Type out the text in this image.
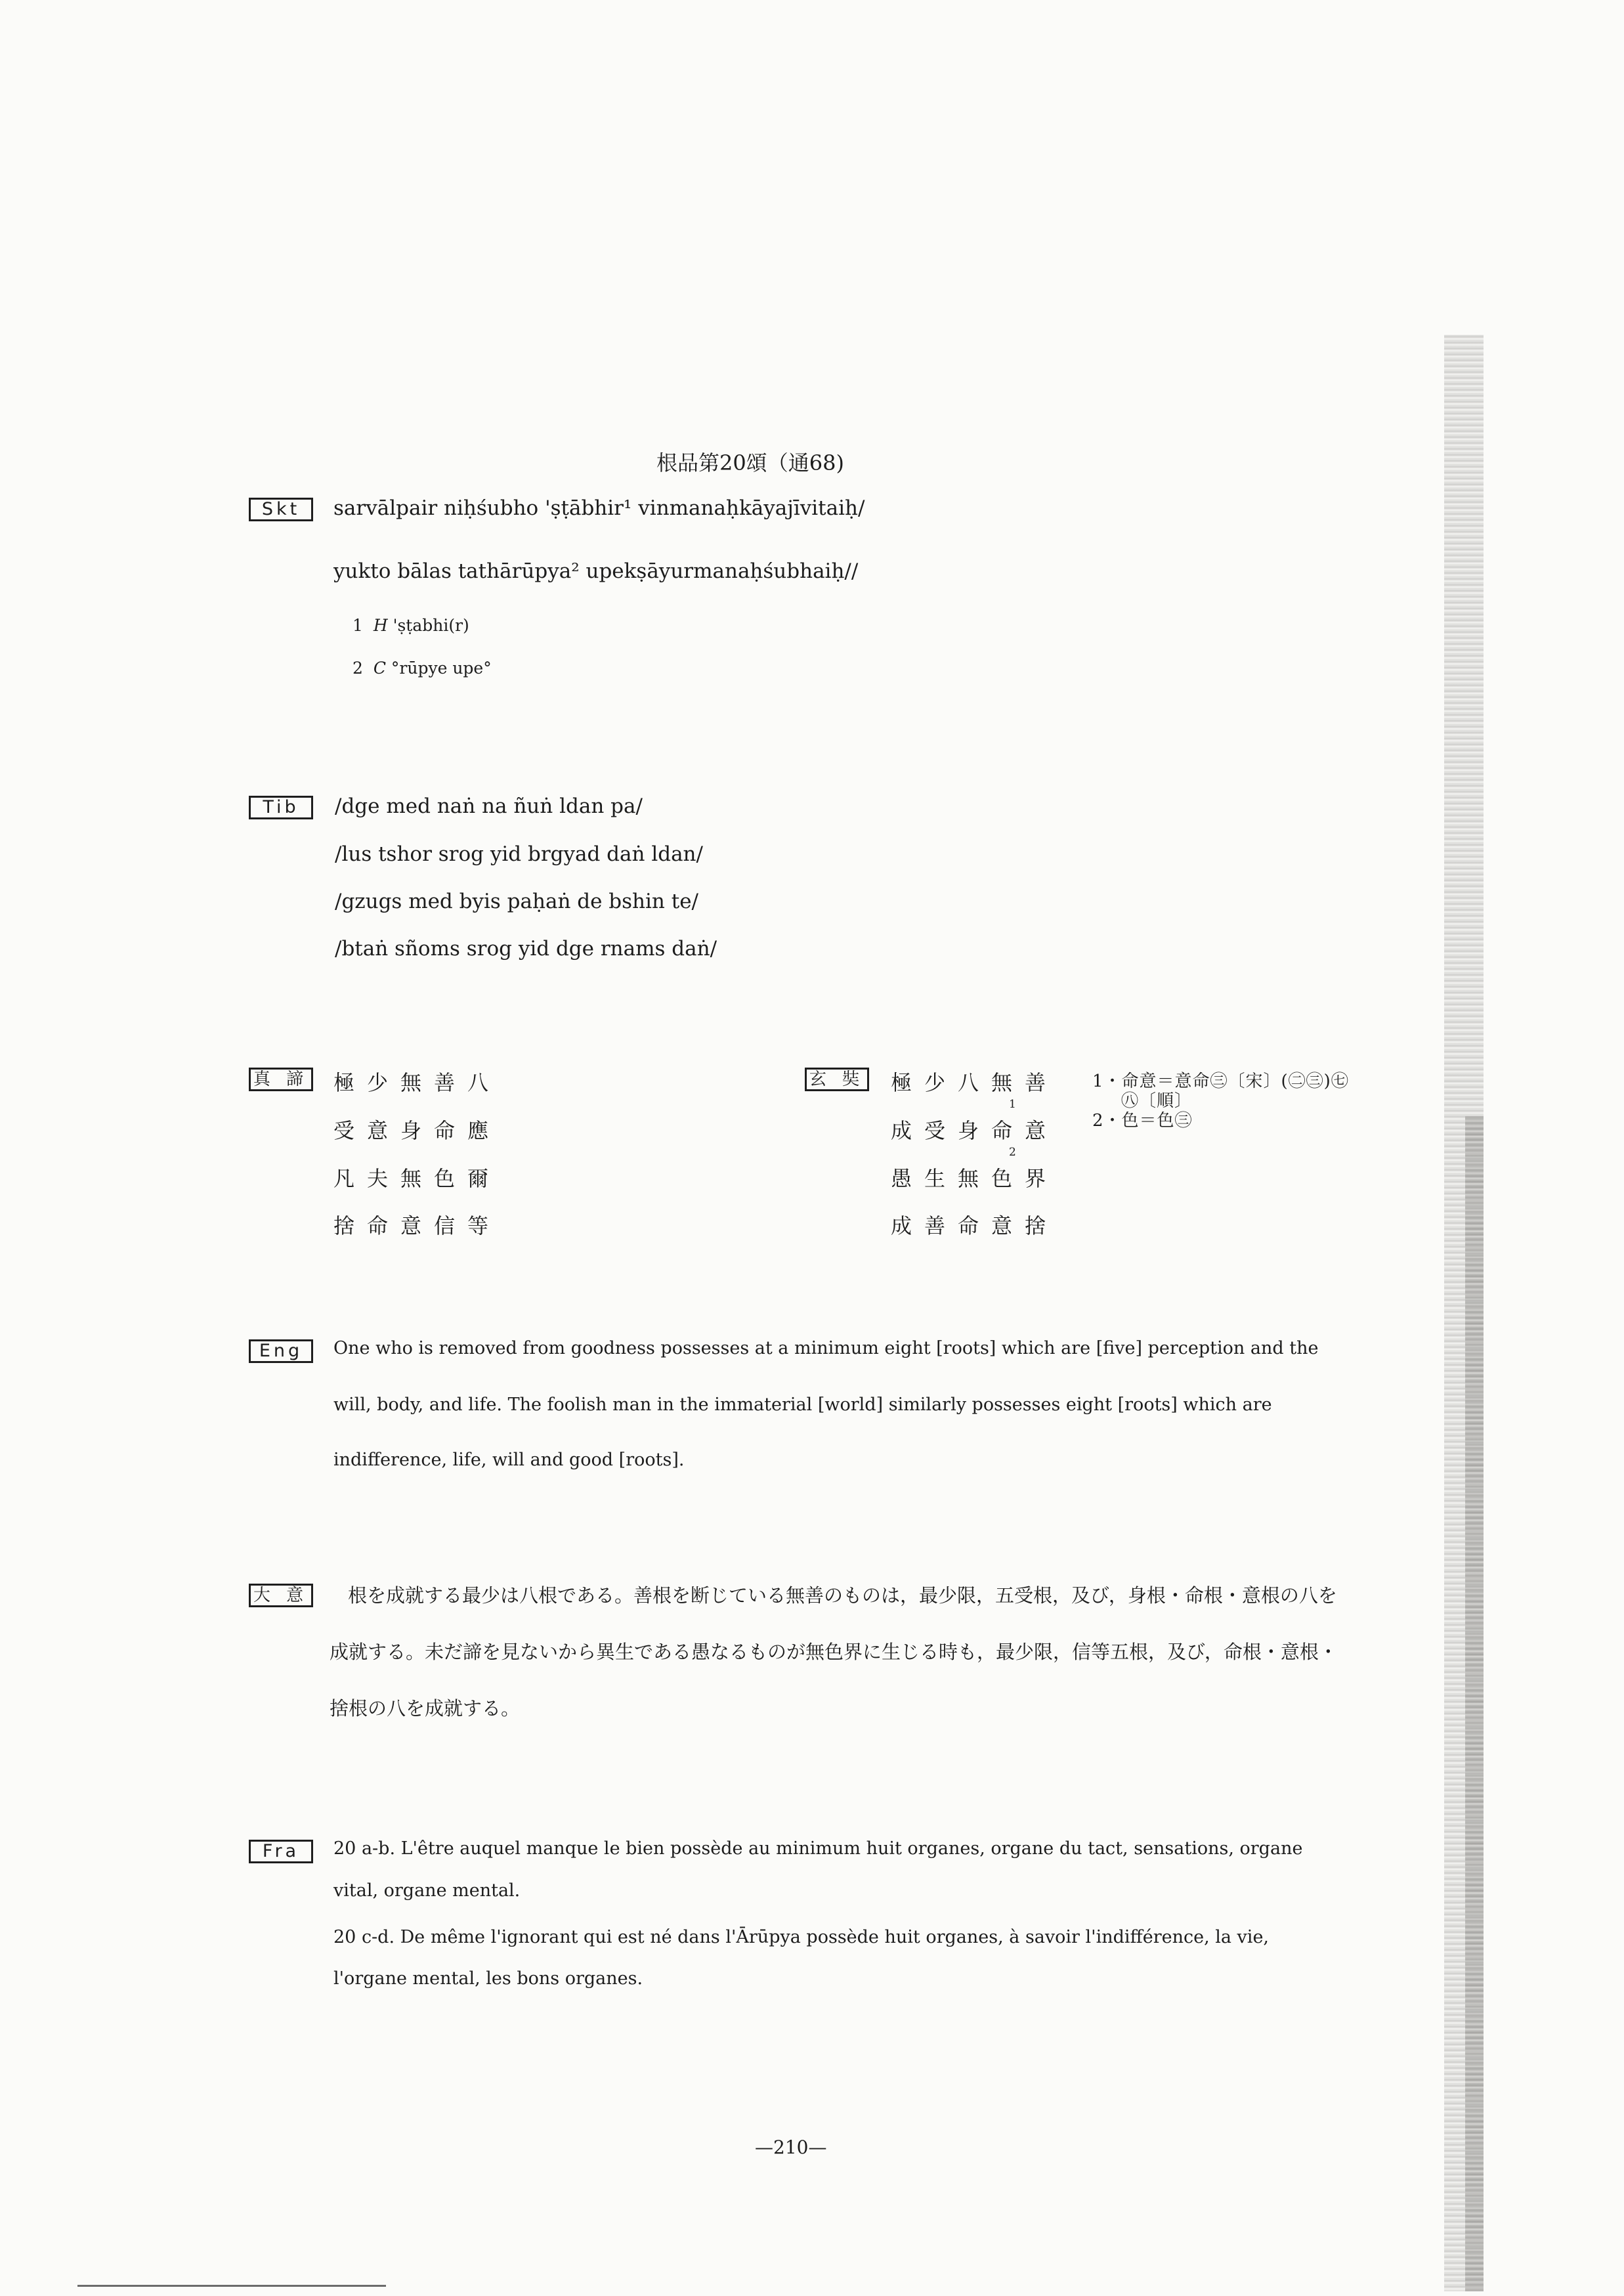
根品第20頌（通68)
Skt	sarvālpair niḥśubho 'ṣṭābhir¹ vinmanaḥkāyajīvitaiḥ/
yukto bālas tathārūpya² upekṣāyurmanaḥśubhaiḥ//
1 H 'ṣṭabhi(r)
2 C °rūpye upe°
Tib	/dge med naṅ na ñuṅ ldan pa/
/lus tshor srog yid brgyad daṅ ldan/
/gzugs med byis paḥaṅ de bshin te/
/btaṅ sñoms srog yid dge rnams daṅ/
真 諦 極少無善八
受意身命應
凡夫無色爾
捨命意信等
玄 奘 極少八無善
1
成受身命意
2
愚生無色界
成善命意捨
1・命意＝意命㊂〔宋〕(㊁㊂)㊆
㊇〔順〕
2・色＝色㊂
Eng	One who is removed from goodness possesses at a minimum eight [roots] which are [five] perception and the
will, body, and life. The foolish man in the immaterial [world] similarly possesses eight [roots] which are
indifference, life, will and good [roots].
大 意 根を成就する最少は八根である。善根を断じている無善のものは，最少限，五受根，及び，身根・命根・意根の八を
成就する。未だ諦を見ないから異生である愚なるものが無色界に生じる時も，最少限，信等五根，及び，命根・意根・
捨根の八を成就する。
Fra	20 a-b. L'être auquel manque le bien possède au minimum huit organes, organe du tact, sensations, organe
vital, organe mental.
20 c-d. De même l'ignorant qui est né dans l'Ārūpya possède huit organes, à savoir l'indifférence, la vie,
l'organe mental, les bons organes.
—210—
